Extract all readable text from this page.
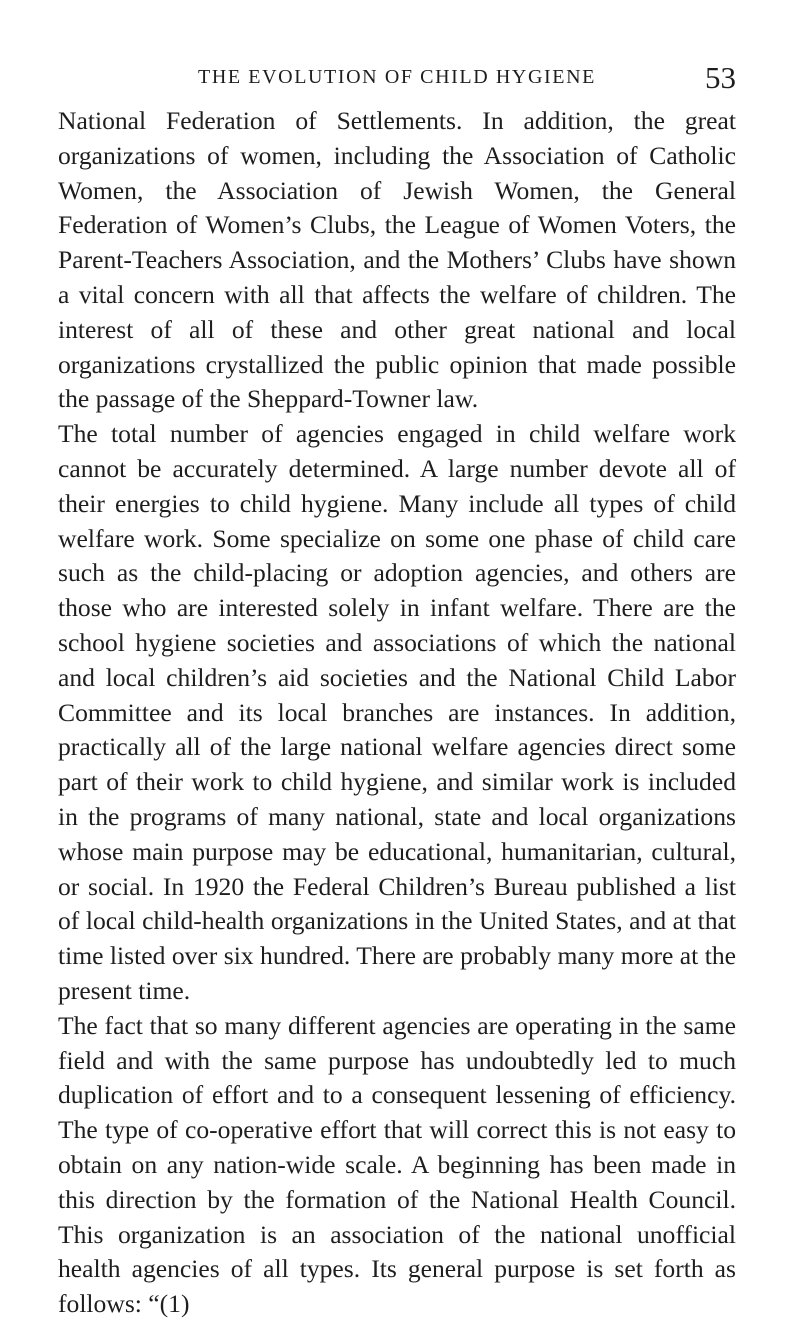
THE EVOLUTION OF CHILD HYGIENE	53

National Federation of Settlements. In addition, the great organizations of women, including the Association of Catholic Women, the Association of Jewish Women, the General Federation of Women’s Clubs, the League of Women Voters, the Parent-Teachers Association, and the Mothers’ Clubs have shown a vital concern with all that affects the welfare of children. The interest of all of these and other great national and local organizations crystallized the public opinion that made possible the passage of the Sheppard-Towner law.

The total number of agencies engaged in child welfare work cannot be accurately determined. A large number devote all of their energies to child hygiene. Many include all types of child welfare work. Some specialize on some one phase of child care such as the child-placing or adoption agencies, and others are those who are interested solely in infant welfare. There are the school hygiene societies and associations of which the national and local children’s aid societies and the National Child Labor Committee and its local branches are instances. In addition, practically all of the large national welfare agencies direct some part of their work to child hygiene, and similar work is included in the programs of many national, state and local organizations whose main purpose may be educational, humanitarian, cultural, or social. In 1920 the Federal Children’s Bureau published a list of local child-health organizations in the United States, and at that time listed over six hundred. There are probably many more at the present time.

The fact that so many different agencies are operating in the same field and with the same purpose has undoubtedly led to much duplication of effort and to a consequent lessening of efficiency. The type of co-operative effort that will correct this is not easy to obtain on any nation-wide scale. A beginning has been made in this direction by the formation of the National Health Council. This organization is an association of the national unofficial health agencies of all types. Its general purpose is set forth as follows: “(1)
